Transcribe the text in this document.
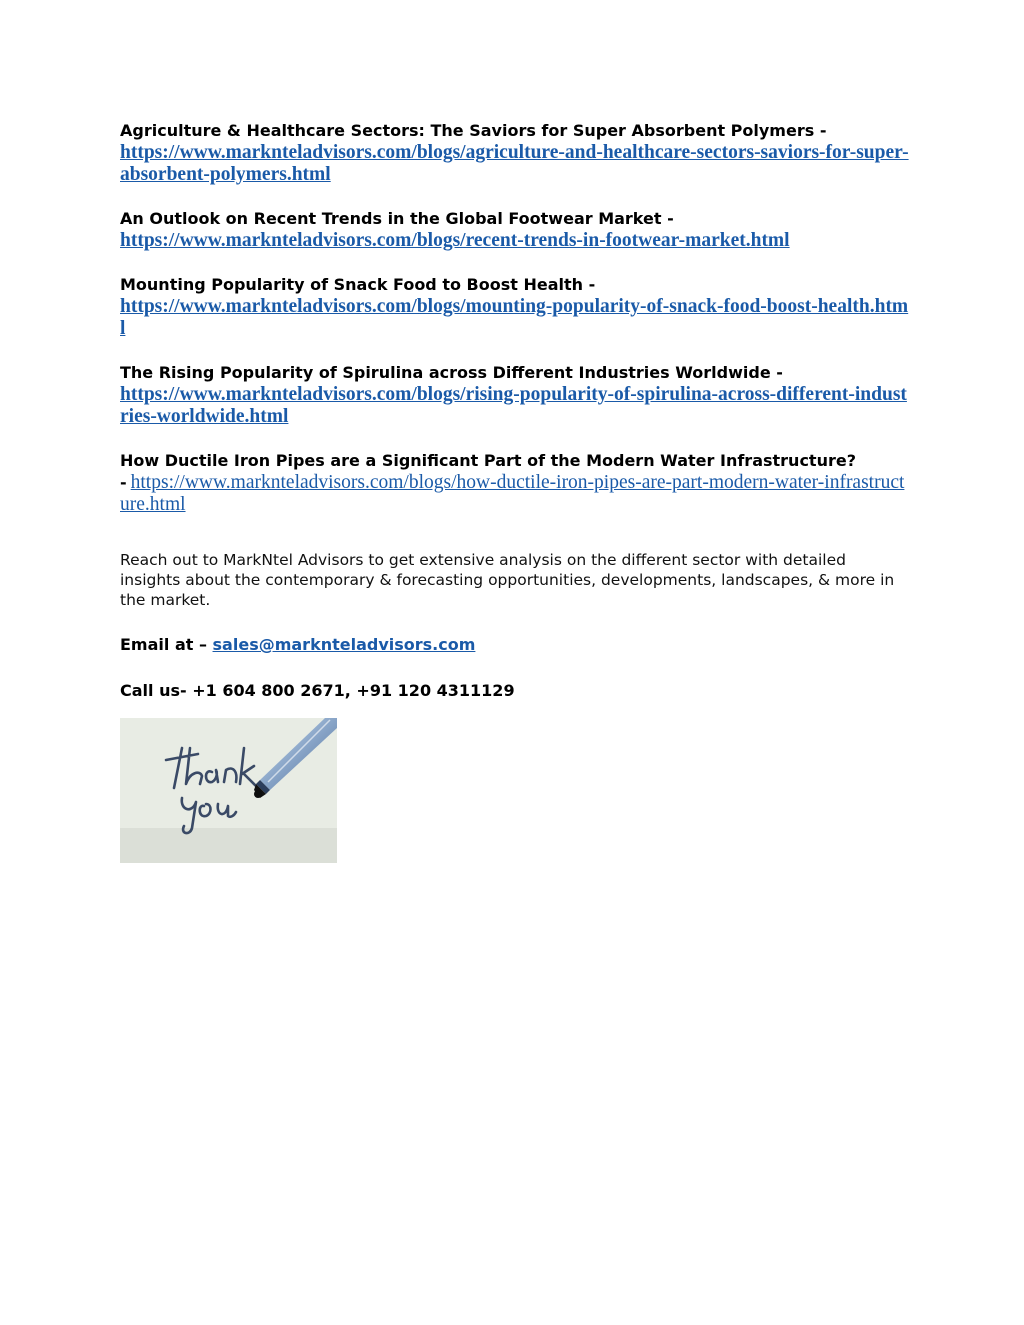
Agriculture & Healthcare Sectors: The Saviors for Super Absorbent Polymers -
https://www.marknteladvisors.com/blogs/agriculture-and-healthcare-sectors-saviors-for-super-absorbent-polymers.html
An Outlook on Recent Trends in the Global Footwear Market -
https://www.marknteladvisors.com/blogs/recent-trends-in-footwear-market.html
Mounting Popularity of Snack Food to Boost Health -
https://www.marknteladvisors.com/blogs/mounting-popularity-of-snack-food-boost-health.html
The Rising Popularity of Spirulina across Different Industries Worldwide -
https://www.marknteladvisors.com/blogs/rising-popularity-of-spirulina-across-different-industries-worldwide.html
How Ductile Iron Pipes are a Significant Part of the Modern Water Infrastructure?
- https://www.marknteladvisors.com/blogs/how-ductile-iron-pipes-are-part-modern-water-infrastructure.html
Reach out to MarkNtel Advisors to get extensive analysis on the different sector with detailed insights about the contemporary & forecasting opportunities, developments, landscapes, & more in the market.
Email at – sales@marknteladvisors.com
Call us- +1 604 800 2671, +91 120 4311129
